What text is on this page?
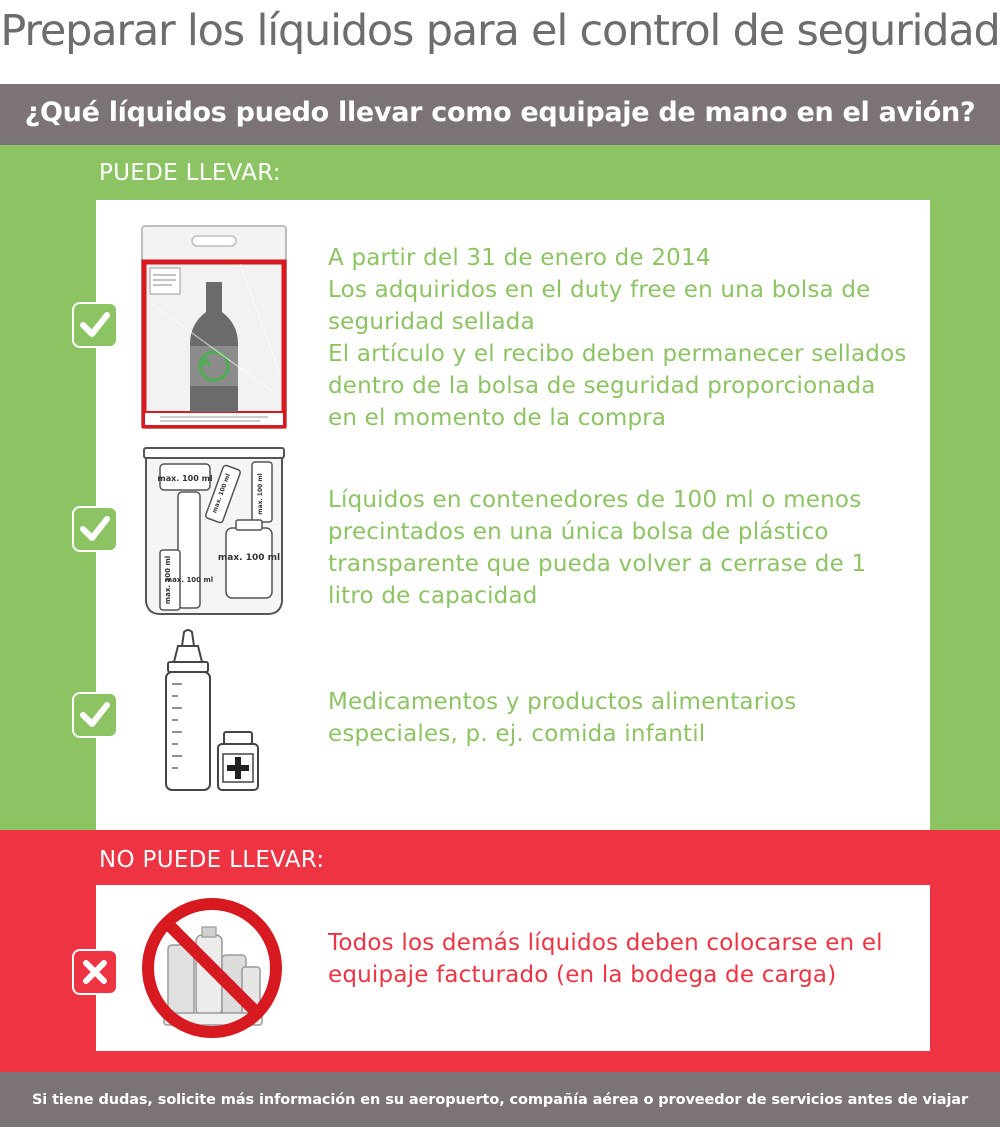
Preparar los líquidos para el control de seguridad
¿Qué líquidos puedo llevar como equipaje de mano en el avión?
PUEDE LLEVAR:
A partir del 31 de enero de 2014
Los adquiridos en el duty free en una bolsa de
seguridad sellada
El artículo y el recibo deben permanecer sellados
dentro de la bolsa de seguridad proporcionada
en el momento de la compra
max. 100 ml
max. 100 ml
max. 100 ml
max. 100 ml	max. 100 ml
max. 100 ml
Líquidos en contenedores de 100 ml o menos
precintados en una única bolsa de plástico
transparente que pueda volver a cerrase de 1
litro de capacidad
Medicamentos y productos alimentarios
especiales, p. ej. comida infantil
NO PUEDE LLEVAR:
Todos los demás líquidos deben colocarse en el
equipaje facturado (en la bodega de carga)
Si tiene dudas, solicite más información en su aeropuerto, compañía aérea o proveedor de servicios antes de viajar
